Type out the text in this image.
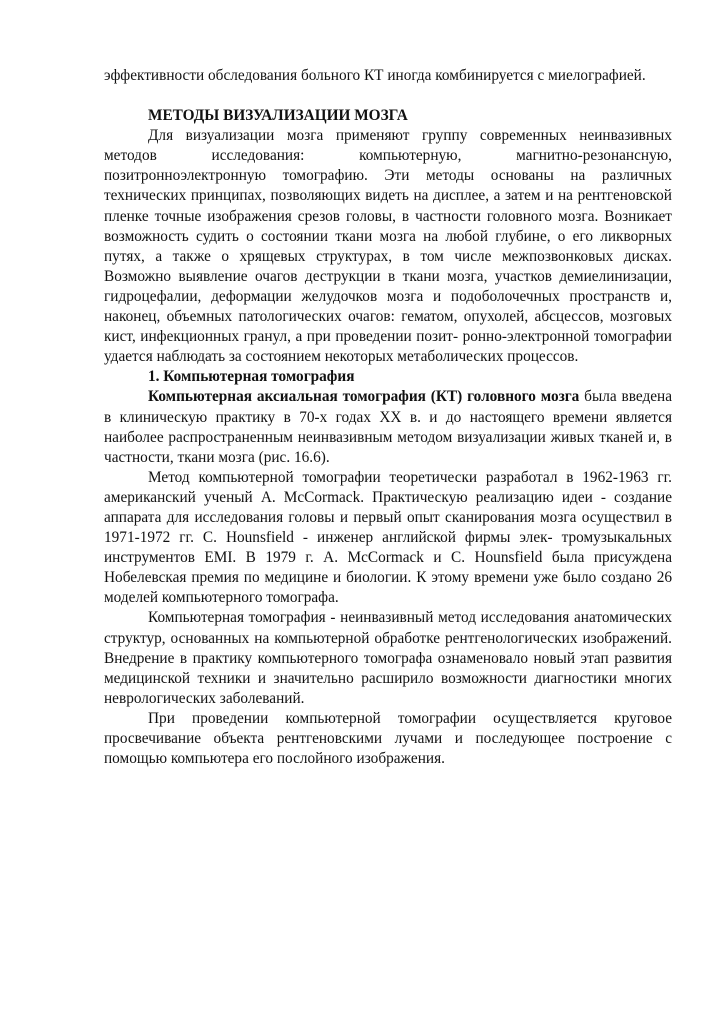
эффективности обследования больного КТ иногда комбинируется с миелографией.

МЕТОДЫ ВИЗУАЛИЗАЦИИ МОЗГА

Для визуализации мозга применяют группу современных неинвазивных методов исследования: компьютерную, магнитно-резонансную, позитронноэлектронную томографию. Эти методы основаны на различных технических принципах, позволяющих видеть на дисплее, а затем и на рентгеновской пленке точные изображения срезов головы, в частности головного мозга. Возникает возможность судить о состоянии ткани мозга на любой глубине, о его ликворных путях, а также о хрящевых структурах, в том числе межпозвонковых дисках. Возможно выявление очагов деструкции в ткани мозга, участков демиелинизации, гидроцефалии, деформации желудочков мозга и подоболочечных пространств и, наконец, объемных патологических очагов: гематом, опухолей, абсцессов, мозговых кист, инфекционных гранул, а при проведении позит- ронно-электронной томографии удается наблюдать за состоянием некоторых метаболических процессов.

1. Компьютерная томография

Компьютерная аксиальная томография (КТ) головного мозга была введена в клиническую практику в 70-х годах XX в. и до настоящего времени является наиболее распространенным неинвазивным методом визуализации живых тканей и, в частности, ткани мозга (рис. 16.6).

Метод компьютерной томографии теоретически разработал в 1962-1963 гг. американский ученый A. McCormack. Практическую реализацию идеи - создание аппарата для исследования головы и первый опыт сканирования мозга осуществил в 1971-1972 гг. C. Hounsfield - инженер английской фирмы элек- тромузыкальных инструментов EMI. В 1979 г. A. McCormack и C. Hounsfield была присуждена Нобелевская премия по медицине и биологии. К этому времени уже было создано 26 моделей компьютерного томографа.

Компьютерная томография - неинвазивный метод исследования анатомических структур, основанных на компьютерной обработке рентгенологических изображений. Внедрение в практику компьютерного томографа ознаменовало новый этап развития медицинской техники и значительно расширило возможности диагностики многих неврологических заболеваний.

При проведении компьютерной томографии осуществляется круговое просвечивание объекта рентгеновскими лучами и последующее построение с помощью компьютера его послойного изображения.
